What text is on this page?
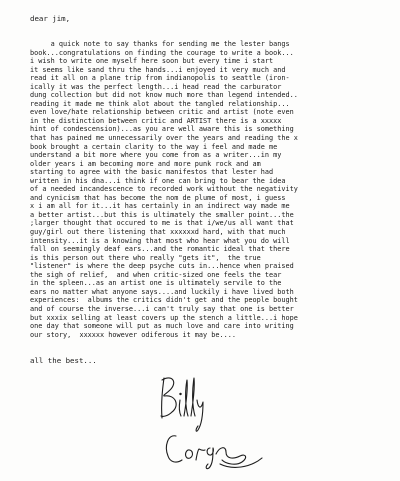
dear jim,
a quick note to say thanks for sending me the lester bangs
book...congratulations on finding the courage to write a book...
i wish to write one myself here soon but every time i start
it seems like sand thru the hands...i enjoyed it very much and
read it all on a plane trip from indianopolis to seattle (iron-
ically it was the perfect length...i head read the carburator
dung collection but did not know much more than legend intended..
reading it made me think alot about the tangled relationship...
even love/hate relationship between critic and artist (note even
in the distinction between critic and ARTIST there is a xxxxx
hint of condescension)...as you are well aware this is something
that has pained me unnecessarily over the years and reading the x
book brought a certain clarity to the way i feel and made me
understand a bit more where you come from as a writer...in my
older years i am becoming more and more punk rock and am
starting to agree with the basic manifestos that lester had
written in his dna...i think if one can bring to bear the idea
of a needed incandescence to recorded work without the negativity
and cynicism that has become the nom de plume of most, i guess
x i am all for it...it has certainly in an indirect way made me
a better artist...but this is ultimately the smaller point...the
;larger thought that occured to me is that i/we/us all want that
guy/girl out there listening that xxxxxxd hard, with that much
intensity...it is a knowing that most who hear what you do will
fall on seemingly deaf ears...and the romantic ideal that there
is this person out there who really "gets it",  the true
"listener" is where the deep psyche cuts in...hence when praised
the sigh of relief,  and when critic-sized one feels the tear
in the spleen...as an artist one is ultimately servile to the
ears no matter what anyone says....and luckily i have lived both
experiences:  albums the critics didn't get and the people bought
and of course the inverse...i can't truly say that one is better
but xxxix selling at least covers up the stench a little...i hope
one day that someone will put as much love and care into writing
our story,  xxxxxx however odiferous it may be....
all the best...
